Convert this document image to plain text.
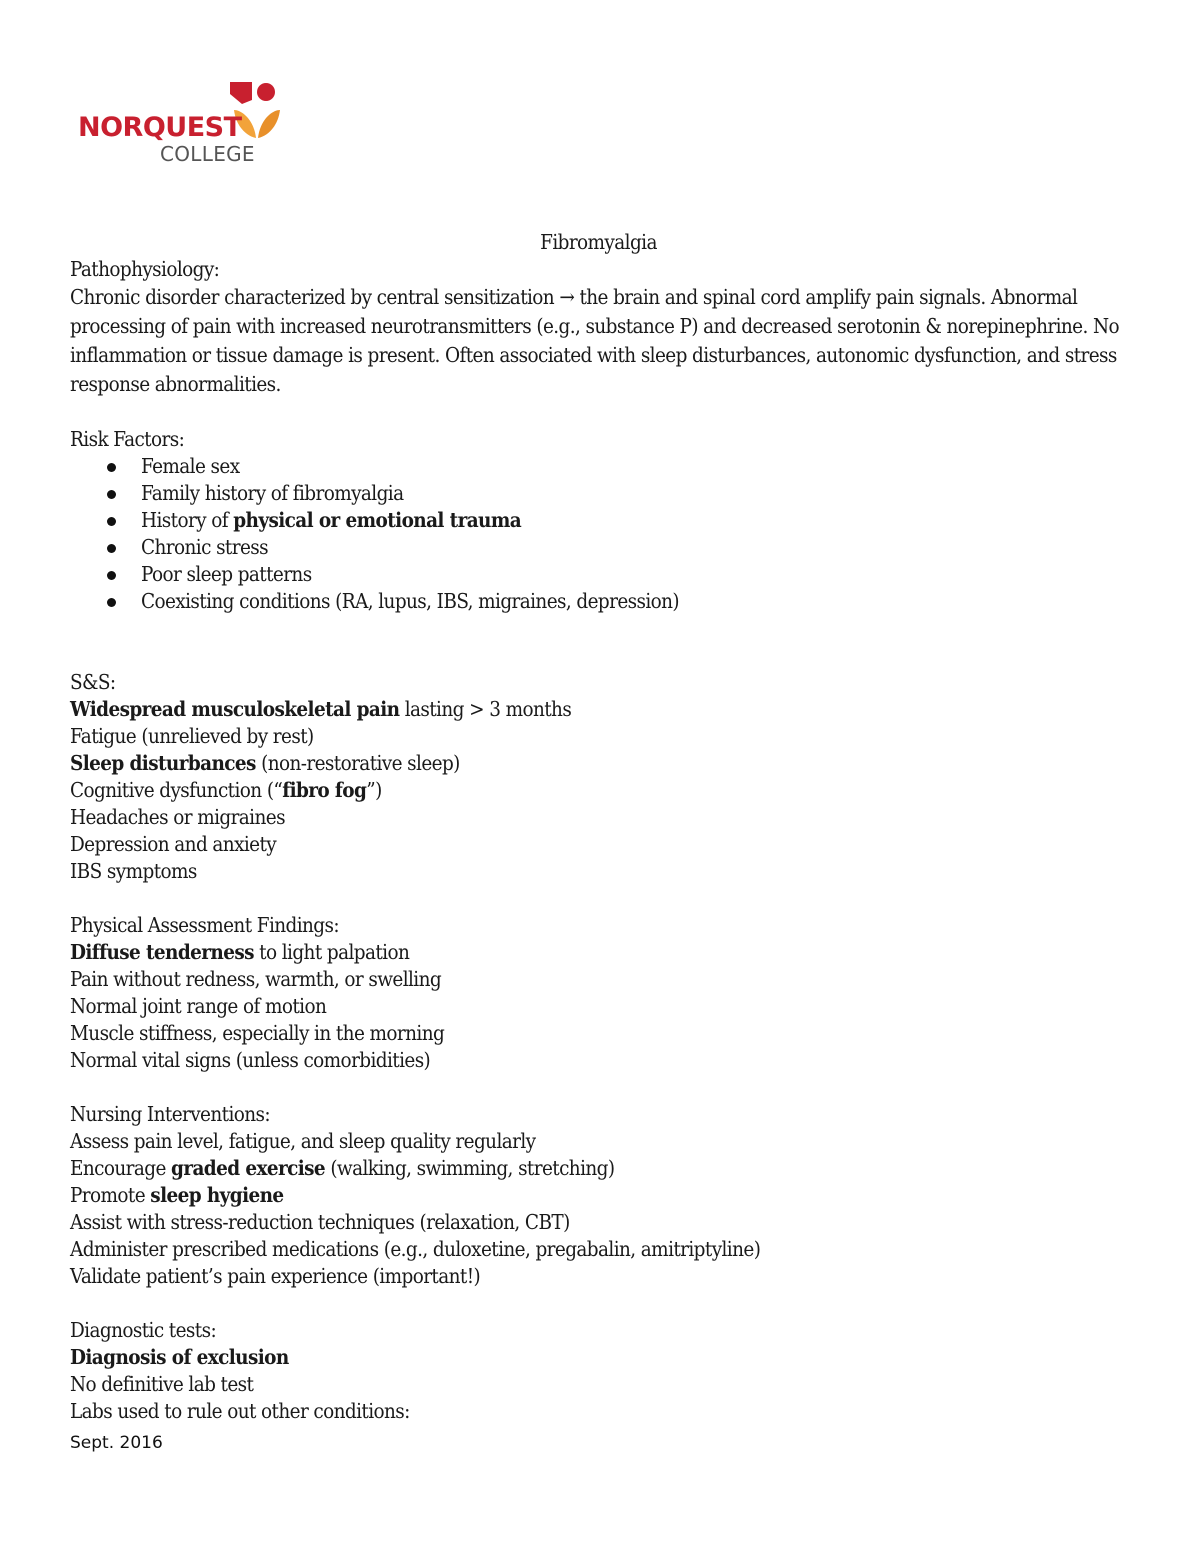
NORQUEST
COLLEGE

Fibromyalgia

Pathophysiology:

Chronic disorder characterized by central sensitization → the brain and spinal cord amplify pain signals. Abnormal processing of pain with increased neurotransmitters (e.g., substance P) and decreased serotonin & norepinephrine. No inflammation or tissue damage is present. Often associated with sleep disturbances, autonomic dysfunction, and stress response abnormalities.

Risk Factors:

Female sex
Family history of fibromyalgia
History of physical or emotional trauma
Chronic stress
Poor sleep patterns
Coexisting conditions (RA, lupus, IBS, migraines, depression)

S&S:

Widespread musculoskeletal pain lasting > 3 months

Fatigue (unrelieved by rest)

Sleep disturbances (non-restorative sleep)

Cognitive dysfunction (“fibro fog”)

Headaches or migraines

Depression and anxiety

IBS symptoms

Physical Assessment Findings:

Diffuse tenderness to light palpation

Pain without redness, warmth, or swelling

Normal joint range of motion

Muscle stiffness, especially in the morning

Normal vital signs (unless comorbidities)

Nursing Interventions:

Assess pain level, fatigue, and sleep quality regularly

Encourage graded exercise (walking, swimming, stretching)

Promote sleep hygiene

Assist with stress-reduction techniques (relaxation, CBT)

Administer prescribed medications (e.g., duloxetine, pregabalin, amitriptyline)

Validate patient’s pain experience (important!)

Diagnostic tests:

Diagnosis of exclusion

No definitive lab test

Labs used to rule out other conditions:

Sept. 2016
